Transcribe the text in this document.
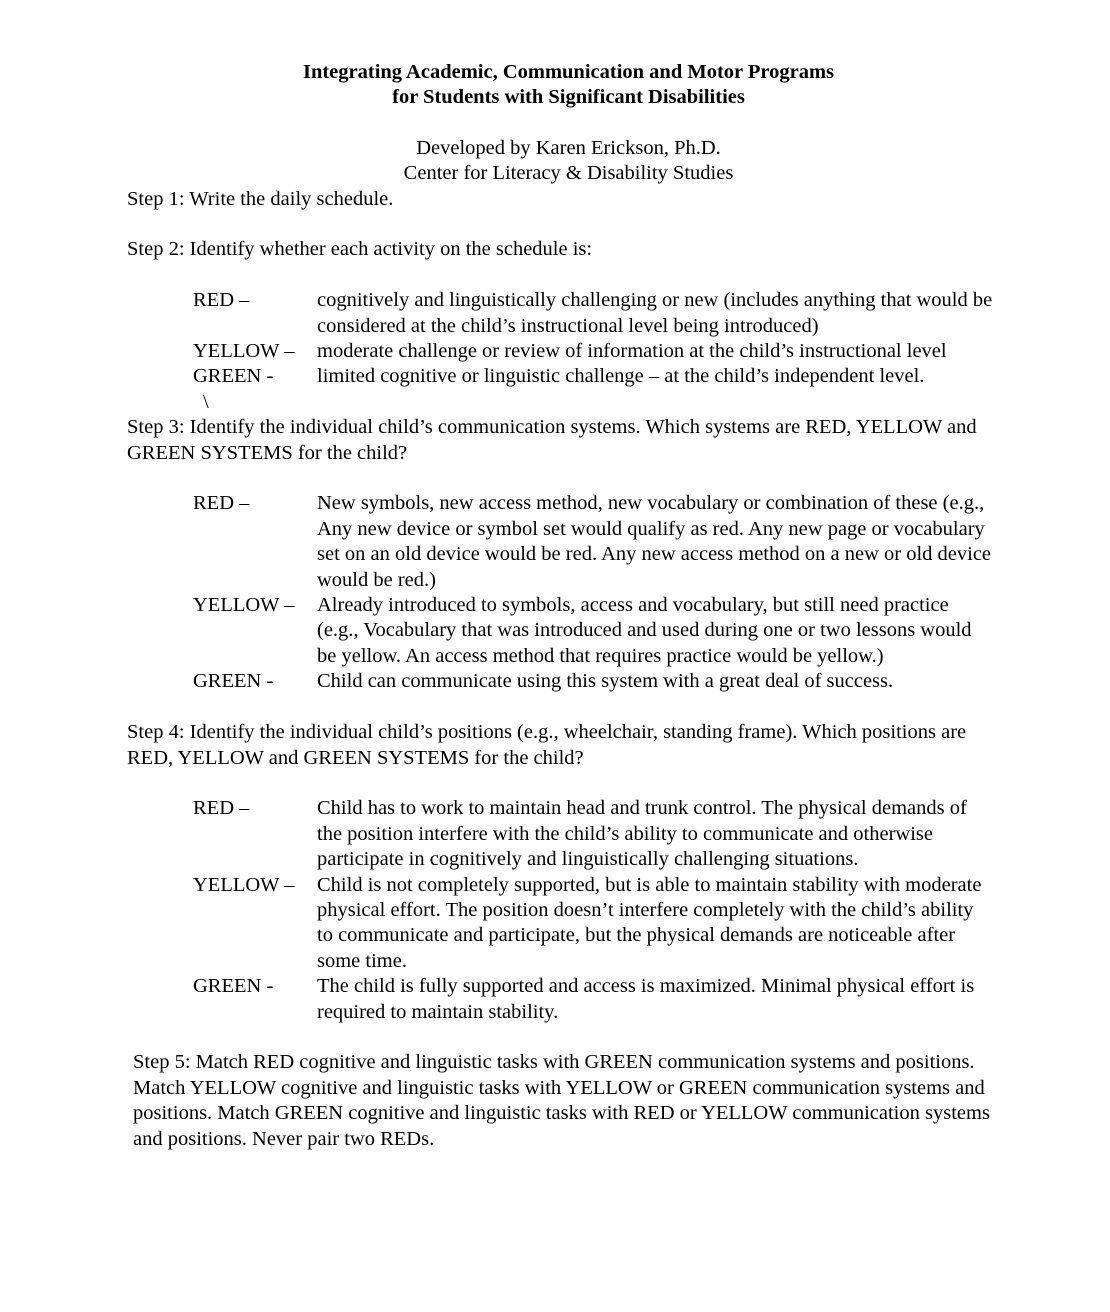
Integrating Academic, Communication and Motor Programs
for Students with Significant Disabilities
Developed by Karen Erickson, Ph.D.
Center for Literacy & Disability Studies

Step 1: Write the daily schedule.

Step 2: Identify whether each activity on the schedule is:

RED –	cognitively and linguistically challenging or new (includes anything that would be considered at the child’s instructional level being introduced)
YELLOW –	moderate challenge or review of information at the child’s instructional level
GREEN -	limited cognitive or linguistic challenge – at the child’s independent level.
\

Step 3: Identify the individual child’s communication systems. Which systems are RED, YELLOW and GREEN SYSTEMS for the child?

RED –	New symbols, new access method, new vocabulary or combination of these (e.g., Any new device or symbol set would qualify as red. Any new page or vocabulary set on an old device would be red. Any new access method on a new or old device would be red.)
YELLOW –	Already introduced to symbols, access and vocabulary, but still need practice (e.g., Vocabulary that was introduced and used during one or two lessons would be yellow. An access method that requires practice would be yellow.)
GREEN -	Child can communicate using this system with a great deal of success.

Step 4: Identify the individual child’s positions (e.g., wheelchair, standing frame). Which positions are RED, YELLOW and GREEN SYSTEMS for the child?

RED –	Child has to work to maintain head and trunk control. The physical demands of the position interfere with the child’s ability to communicate and otherwise participate in cognitively and linguistically challenging situations.
YELLOW –	Child is not completely supported, but is able to maintain stability with moderate physical effort. The position doesn’t interfere completely with the child’s ability to communicate and participate, but the physical demands are noticeable after some time.
GREEN -	The child is fully supported and access is maximized. Minimal physical effort is required to maintain stability.

Step 5: Match RED cognitive and linguistic tasks with GREEN communication systems and positions. Match YELLOW cognitive and linguistic tasks with YELLOW or GREEN communication systems and positions. Match GREEN cognitive and linguistic tasks with RED or YELLOW communication systems and positions. Never pair two REDs.
